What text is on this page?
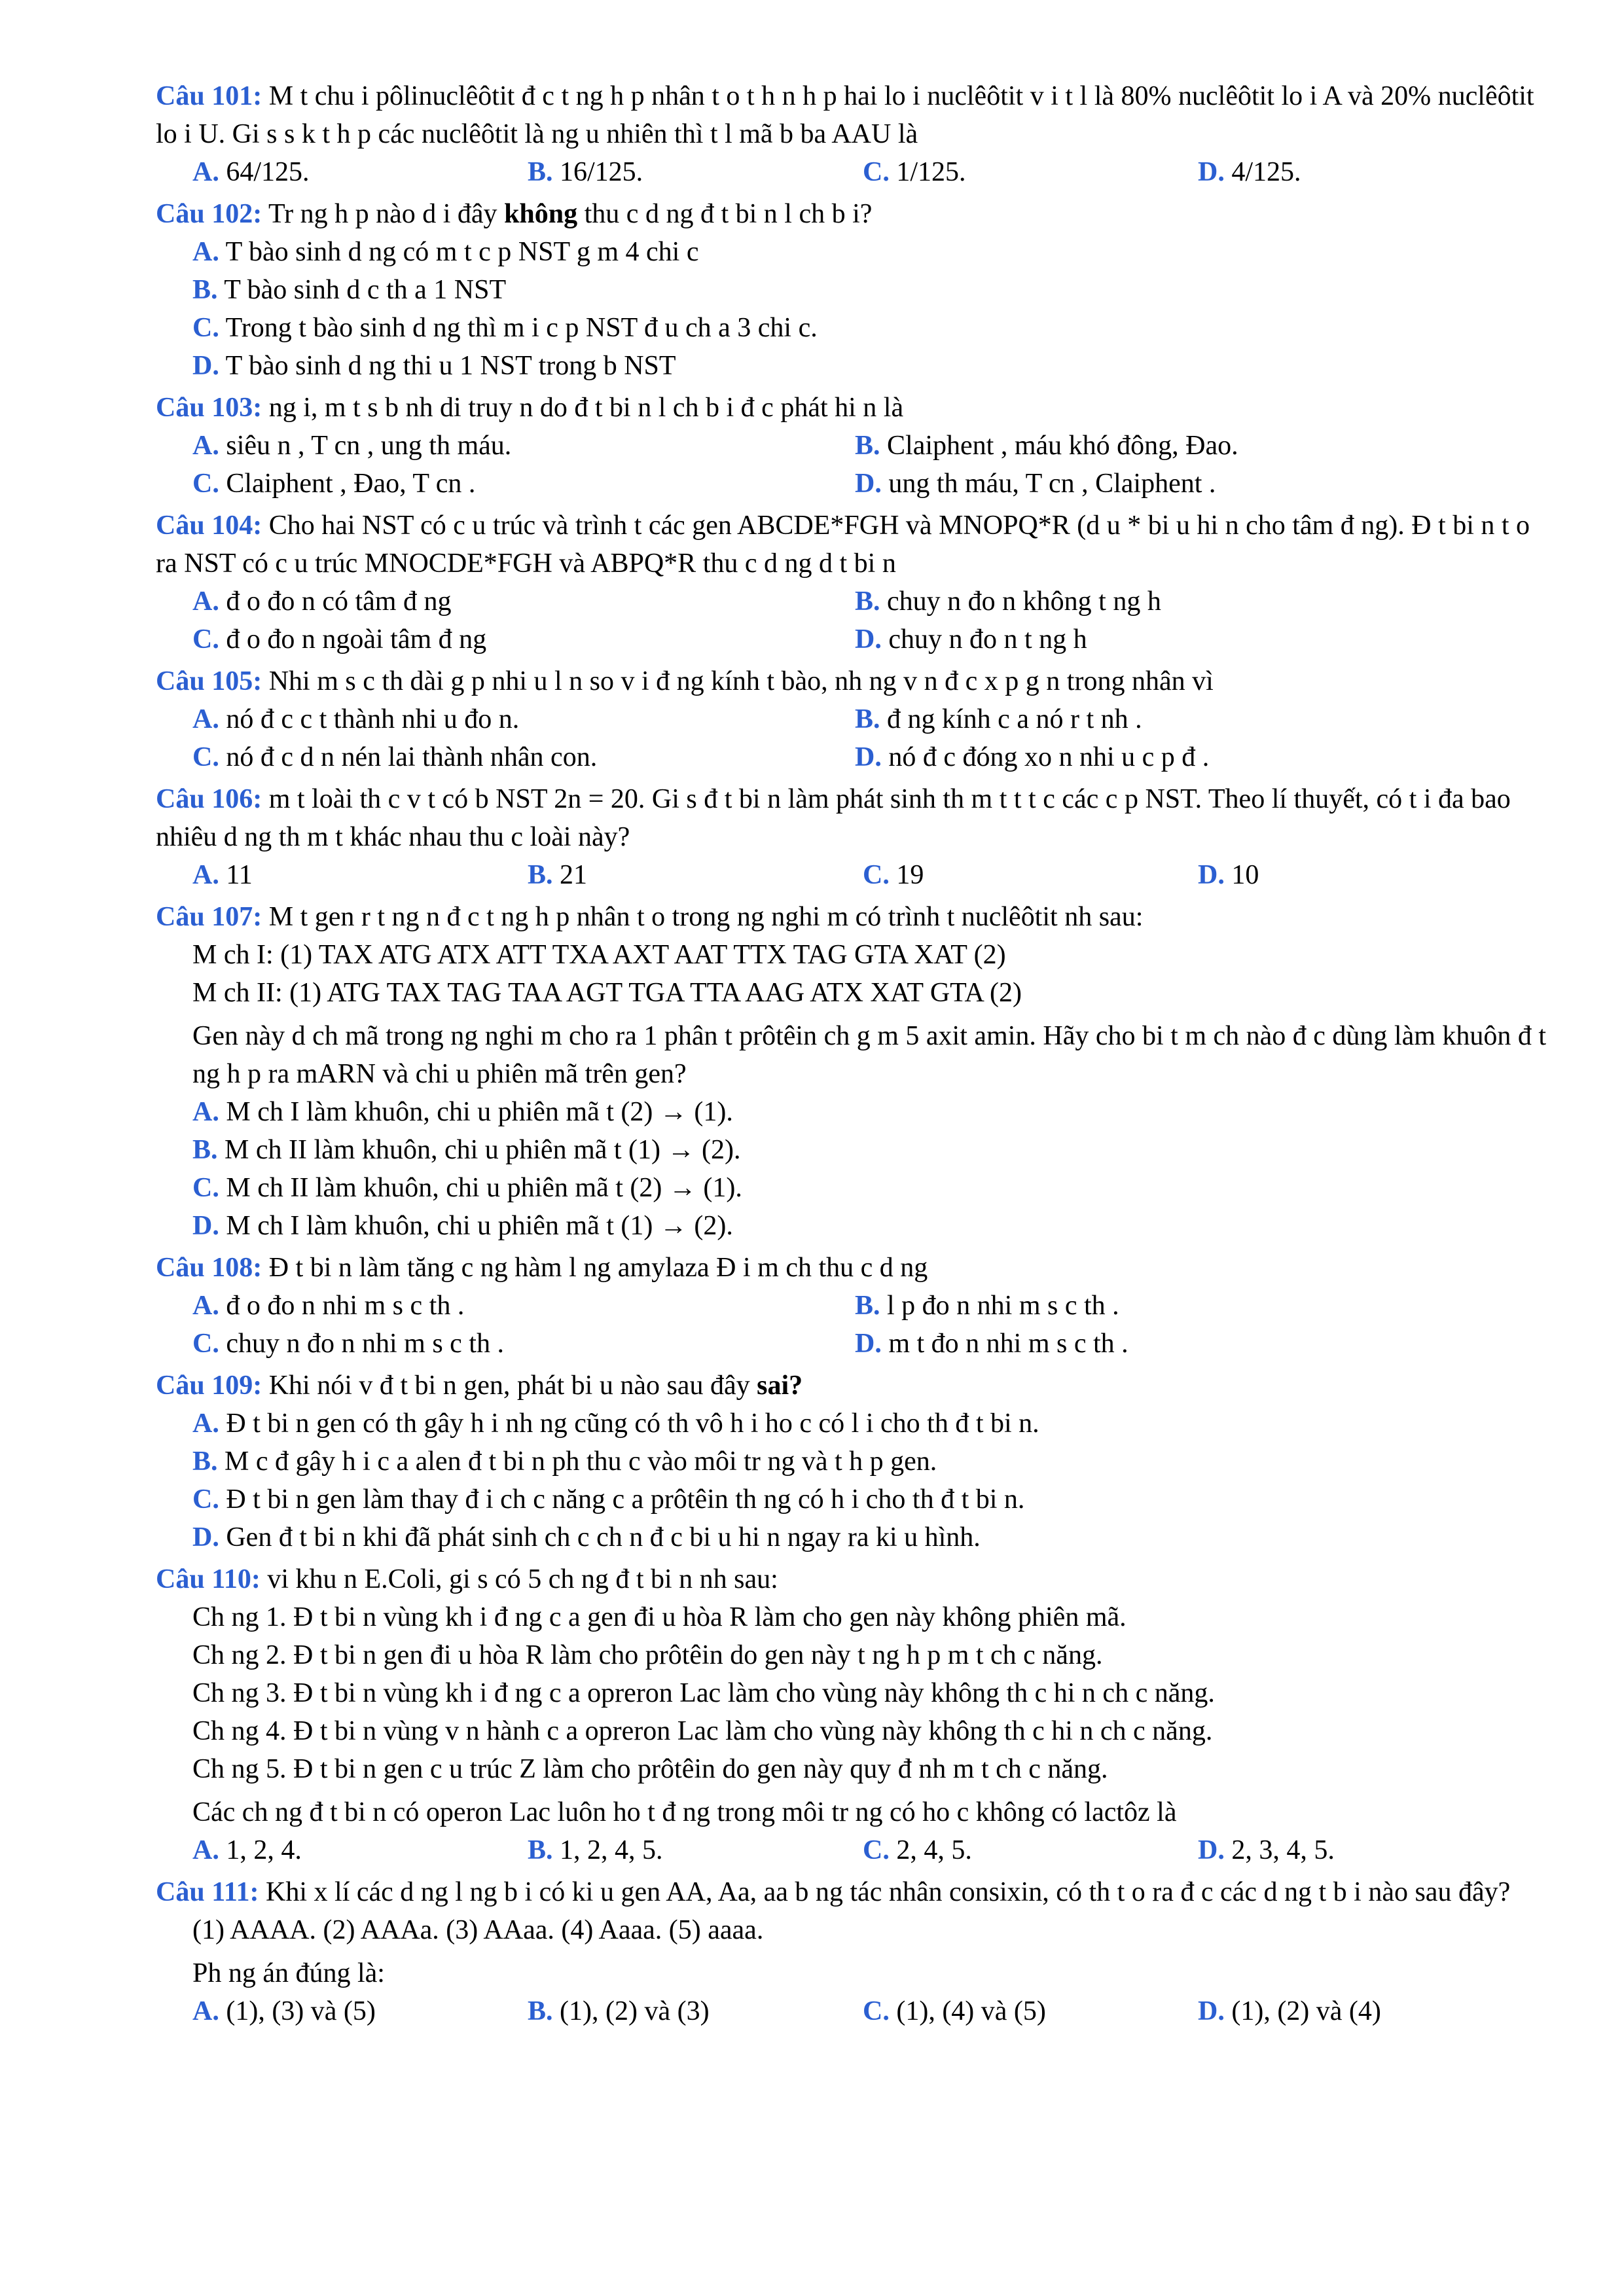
Câu 101: M t chu i pôlinuclêôtit đ c t ng h p nhân t o t h n h p hai lo i nuclêôtit v i t l là 80% nuclêôtit lo i A và 20% nuclêôtit lo i U. Gi s s k t h p các nuclêôtit là ng u nhiên thì t l mã b ba AAU là
A. 64/125.	B. 16/125.	C. 1/125.	D. 4/125.
Câu 102: Tr ng h p nào d i đây không thu c d ng đ t bi n l ch b i?
A. T bào sinh d ng có m t c p NST g m 4 chi c
B. T bào sinh d c th a 1 NST
C. Trong t bào sinh d ng thì m i c p NST đ u ch a 3 chi c.
D. T bào sinh d ng thi u 1 NST trong b NST
Câu 103: ng i, m t s b nh di truy n do đ t bi n l ch b i đ c phát hi n là
A. siêu n , T cn , ung th máu.	B. Claiphent , máu khó đông, Đao.
C. Claiphent , Đao, T cn .	D. ung th máu, T cn , Claiphent .
Câu 104: Cho hai NST có c u trúc và trình t các gen ABCDE*FGH và MNOPQ*R (d u * bi u hi n cho tâm đ ng). Đ t bi n t o ra NST có c u trúc MNOCDE*FGH và ABPQ*R thu c d ng d t bi n
A. đ o đo n có tâm đ ng	B. chuy n đo n không t ng h
C. đ o đo n ngoài tâm đ ng	D. chuy n đo n t ng h
Câu 105: Nhi m s c th dài g p nhi u l n so v i đ ng kính t bào, nh ng v n đ c x p g n trong nhân vì
A. nó đ c c t thành nhi u đo n.	B. đ ng kính c a nó r t nh .
C. nó đ c d n nén lai thành nhân con.	D. nó đ c đóng xo n nhi u c p đ .
Câu 106: m t loài th c v t có b NST 2n = 20. Gi s đ t bi n làm phát sinh th m t t t c các c p NST. Theo lí thuyết, có t i đa bao nhiêu d ng th m t khác nhau thu c loài này?
A. 11	B. 21	C. 19	D. 10
Câu 107: M t gen r t ng n đ c t ng h p nhân t o trong ng nghi m có trình t nuclêôtit nh sau:
M ch I: (1) TAX ATG ATX ATT TXA AXT AAT TTX TAG GTA XAT (2)
M ch II: (1) ATG TAX TAG TAA AGT TGA TTA AAG ATX XAT GTA (2)
Gen này d ch mã trong ng nghi m cho ra 1 phân t prôtêin ch g m 5 axit amin. Hãy cho bi t m ch nào đ c dùng làm khuôn đ t ng h p ra mARN và chi u phiên mã trên gen?
A. M ch I làm khuôn, chi u phiên mã t (2) → (1).
B. M ch II làm khuôn, chi u phiên mã t (1) → (2).
C. M ch II làm khuôn, chi u phiên mã t (2) → (1).
D. M ch I làm khuôn, chi u phiên mã t (1) → (2).
Câu 108: Đ t bi n làm tăng c ng hàm l ng amylaza Đ i m ch thu c d ng
A. đ o đo n nhi m s c th .	B. l p đo n nhi m s c th .
C. chuy n đo n nhi m s c th .	D. m t đo n nhi m s c th .
Câu 109: Khi nói v đ t bi n gen, phát bi u nào sau đây sai?
A. Đ t bi n gen có th gây h i nh ng cũng có th vô h i ho c có l i cho th đ t bi n.
B. M c đ gây h i c a alen đ t bi n ph thu c vào môi tr ng và t h p gen.
C. Đ t bi n gen làm thay đ i ch c năng c a prôtêin th ng có h i cho th đ t bi n.
D. Gen đ t bi n khi đã phát sinh ch c ch n đ c bi u hi n ngay ra ki u hình.
Câu 110: vi khu n E.Coli, gi s có 5 ch ng đ t bi n nh sau:
Ch ng 1. Đ t bi n vùng kh i đ ng c a gen đi u hòa R làm cho gen này không phiên mã.
Ch ng 2. Đ t bi n gen đi u hòa R làm cho prôtêin do gen này t ng h p m t ch c năng.
Ch ng 3. Đ t bi n vùng kh i đ ng c a opreron Lac làm cho vùng này không th c hi n ch c năng.
Ch ng 4. Đ t bi n vùng v n hành c a opreron Lac làm cho vùng này không th c hi n ch c năng.
Ch ng 5. Đ t bi n gen c u trúc Z làm cho prôtêin do gen này quy đ nh m t ch c năng.
Các ch ng đ t bi n có operon Lac luôn ho t đ ng trong môi tr ng có ho c không có lactôz là
A. 1, 2, 4.	B. 1, 2, 4, 5.	C. 2, 4, 5.	D. 2, 3, 4, 5.
Câu 111: Khi x lí các d ng l ng b i có ki u gen AA, Aa, aa b ng tác nhân consixin, có th t o ra đ c các d ng t b i nào sau đây?
(1) AAAA. (2) AAAa. (3) AAaa. (4) Aaaa. (5) aaaa.
Ph ng án đúng là:
A. (1), (3) và (5)	B. (1), (2) và (3)	C. (1), (4) và (5)	D. (1), (2) và (4)
